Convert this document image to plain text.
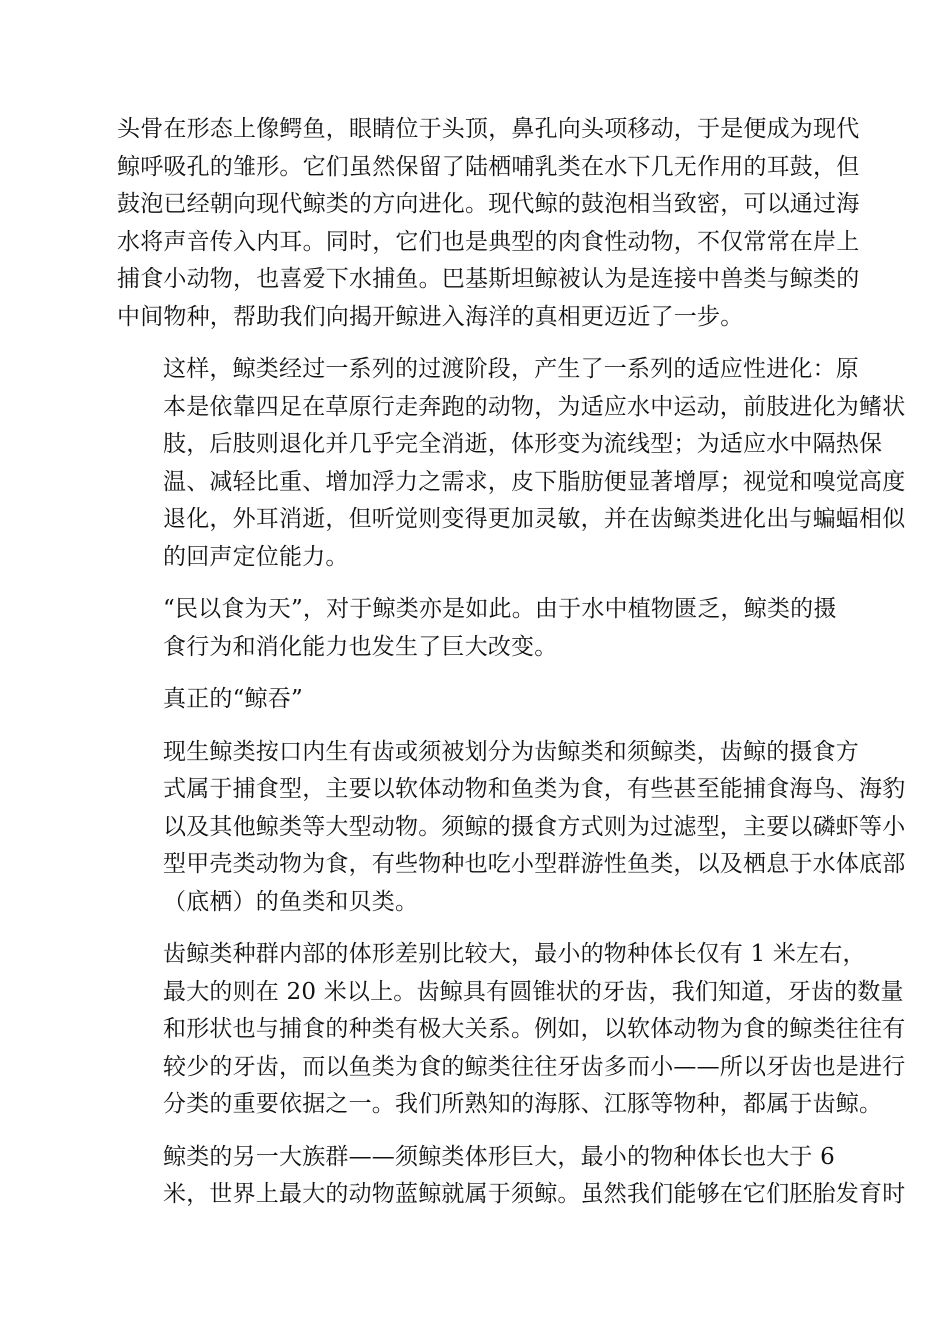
头骨在形态上像鳄鱼，眼睛位于头顶，鼻孔向头项移动，于是便成为现代
鲸呼吸孔的雏形。它们虽然保留了陆栖哺乳类在水下几无作用的耳鼓，但
鼓泡已经朝向现代鲸类的方向进化。现代鲸的鼓泡相当致密，可以通过海
水将声音传入内耳。同时，它们也是典型的肉食性动物，不仅常常在岸上
捕食小动物，也喜爱下水捕鱼。巴基斯坦鲸被认为是连接中兽类与鲸类的
中间物种，帮助我们向揭开鲸进入海洋的真相更迈近了一步。
这样，鲸类经过一系列的过渡阶段，产生了一系列的适应性进化：原
本是依靠四足在草原行走奔跑的动物，为适应水中运动，前肢进化为鳍状
肢，后肢则退化并几乎完全消逝，体形变为流线型；为适应水中隔热保
温、减轻比重、增加浮力之需求，皮下脂肪便显著增厚；视觉和嗅觉高度
退化，外耳消逝，但听觉则变得更加灵敏，并在齿鲸类进化出与蝙蝠相似
的回声定位能力。
“民以食为天”，对于鲸类亦是如此。由于水中植物匮乏，鲸类的摄
食行为和消化能力也发生了巨大改变。
真正的“鲸吞”
现生鲸类按口内生有齿或须被划分为齿鲸类和须鲸类，齿鲸的摄食方
式属于捕食型，主要以软体动物和鱼类为食，有些甚至能捕食海鸟、海豹
以及其他鲸类等大型动物。须鲸的摄食方式则为过滤型，主要以磷虾等小
型甲壳类动物为食，有些物种也吃小型群游性鱼类，以及栖息于水体底部
（底栖）的鱼类和贝类。
齿鲸类种群内部的体形差别比较大，最小的物种体长仅有 1 米左右，
最大的则在 20 米以上。齿鲸具有圆锥状的牙齿，我们知道，牙齿的数量
和形状也与捕食的种类有极大关系。例如，以软体动物为食的鲸类往往有
较少的牙齿，而以鱼类为食的鲸类往往牙齿多而小——所以牙齿也是进行
分类的重要依据之一。我们所熟知的海豚、江豚等物种，都属于齿鲸。
鲸类的另一大族群——须鲸类体形巨大，最小的物种体长也大于 6
米，世界上最大的动物蓝鲸就属于须鲸。虽然我们能够在它们胚胎发育时
